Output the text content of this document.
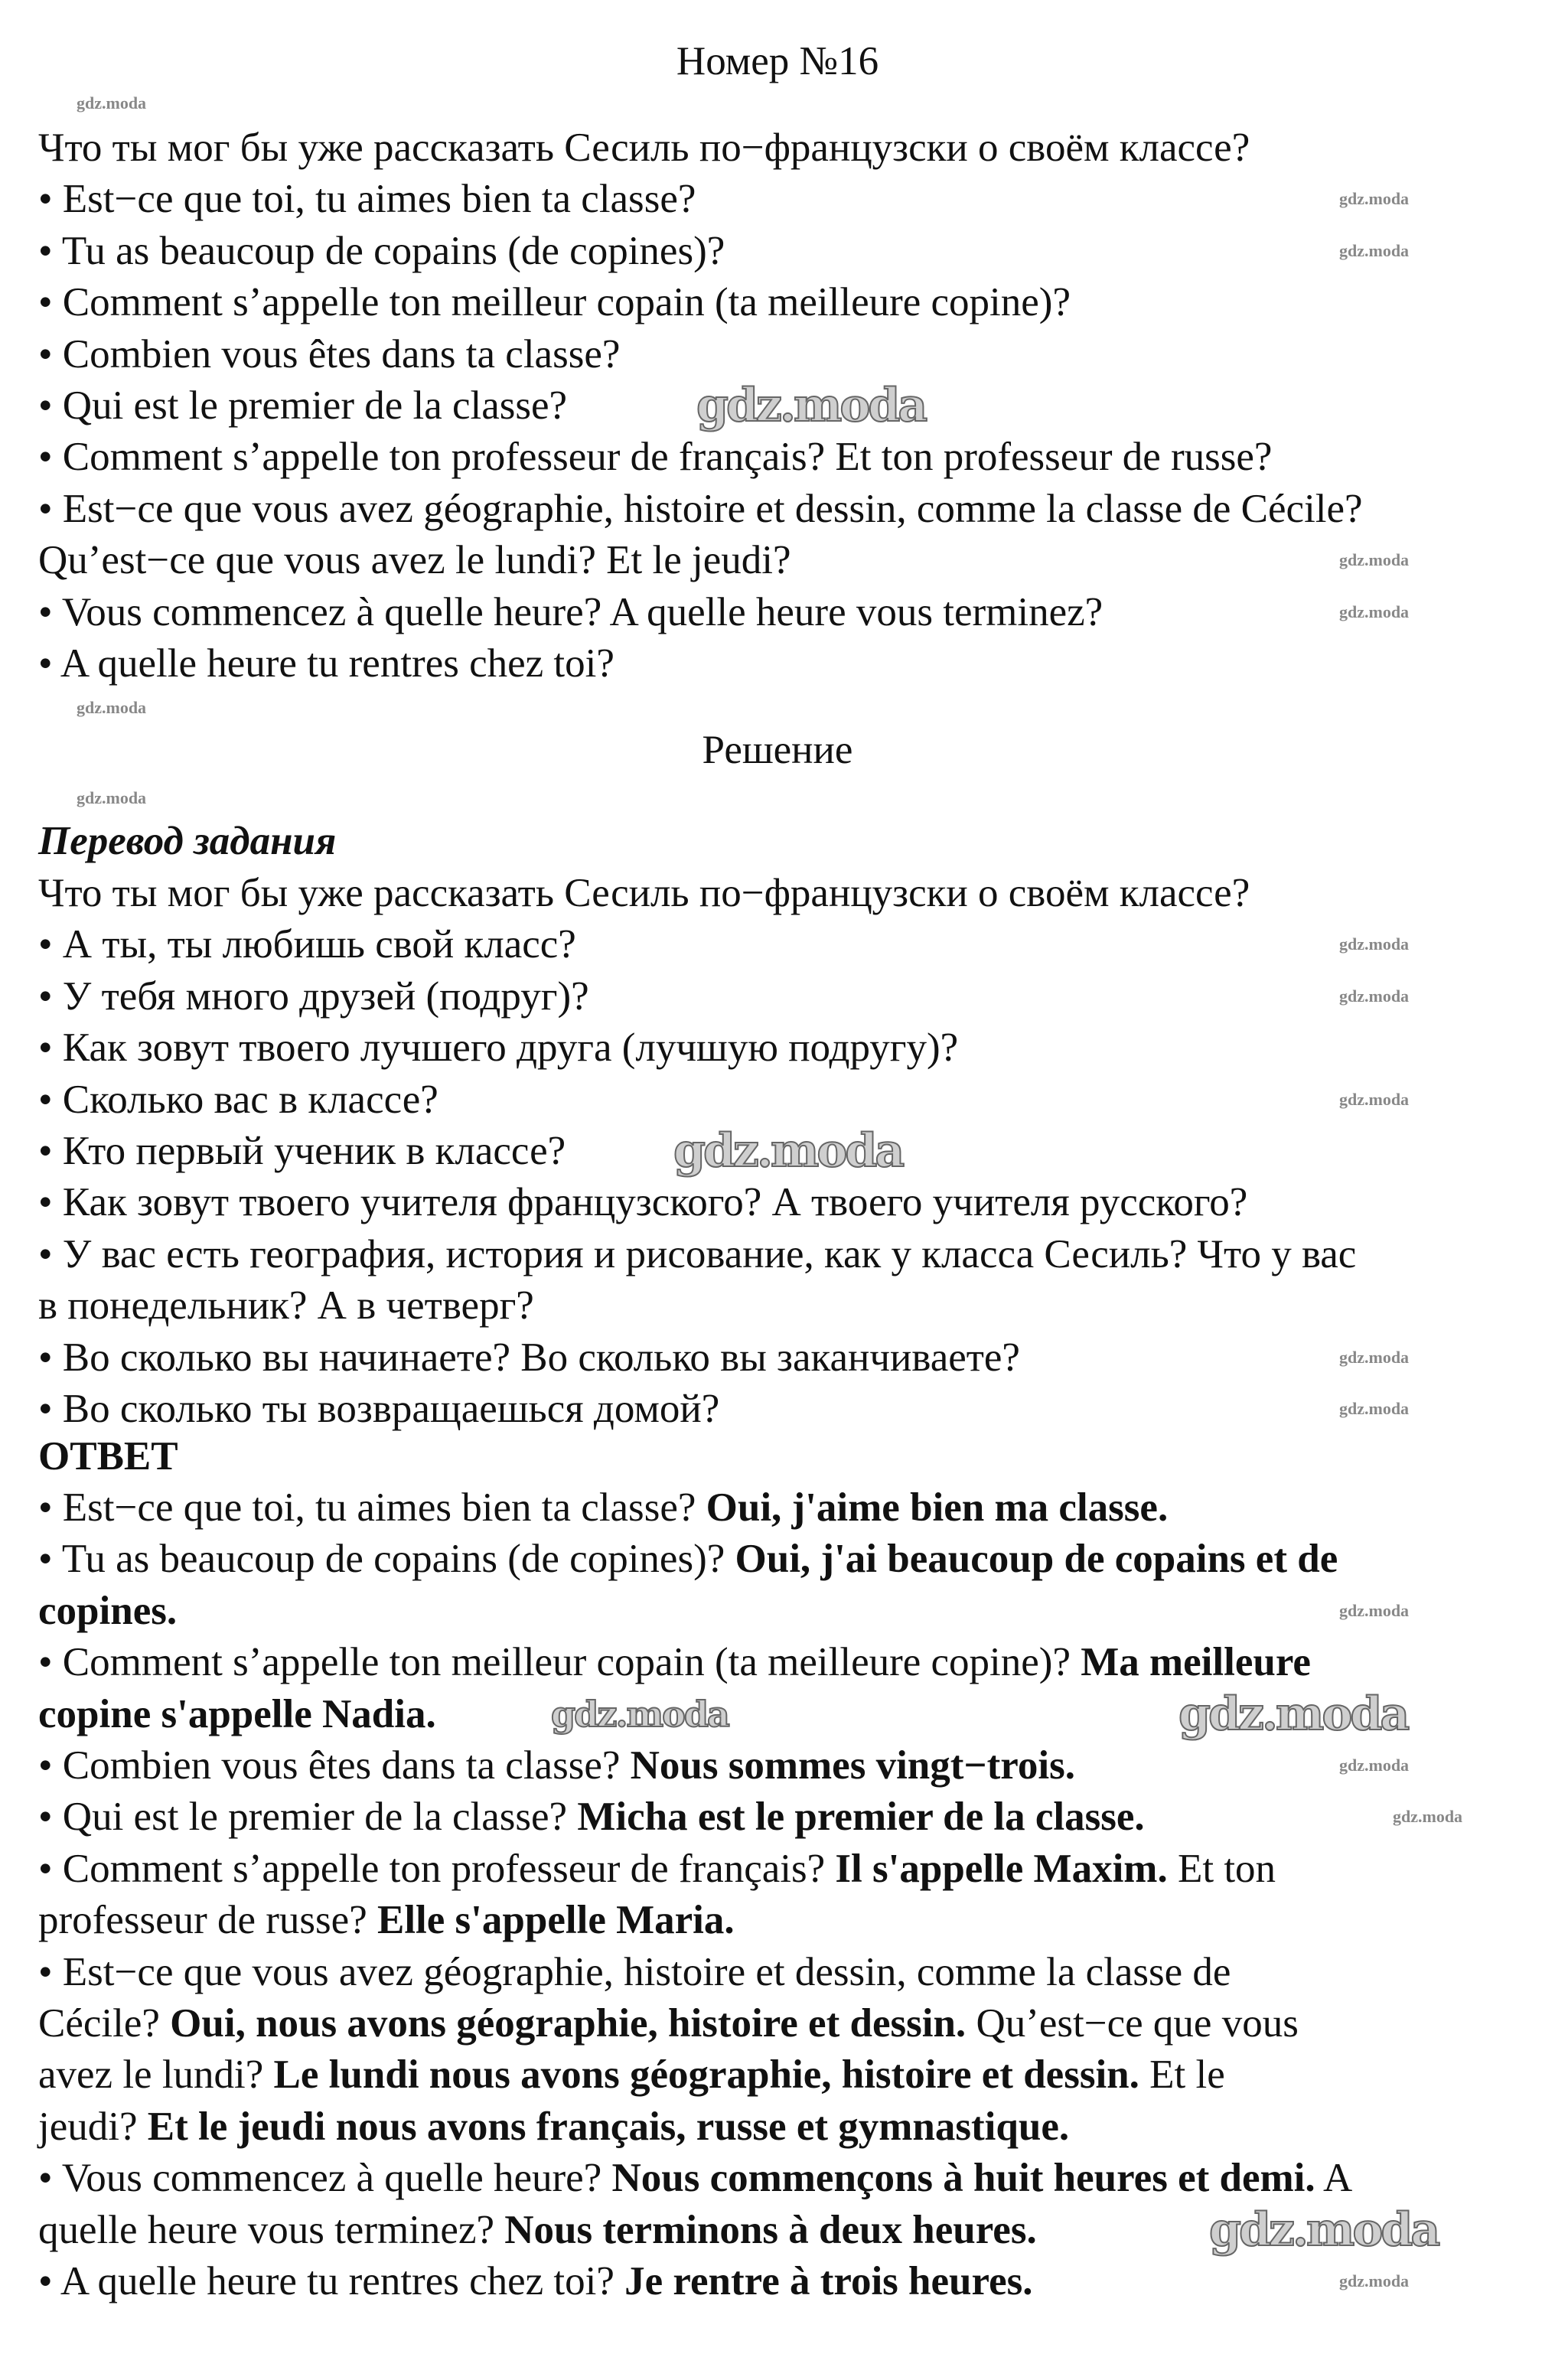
Номер №16
Что ты мог бы уже рассказать Сесиль по−французски о своём классе?
• Est−ce que toi, tu aimes bien ta classe?
• Tu as beaucoup de copains (de copines)?
• Comment s’appelle ton meilleur copain (ta meilleure copine)?
• Combien vous êtes dans ta classe?
• Qui est le premier de la classe?
• Comment s’appelle ton professeur de français? Et ton professeur de russe?
• Est−ce que vous avez géographie, histoire et dessin, comme la classe de Cécile?
Qu’est−ce que vous avez le lundi? Et le jeudi?
• Vous commencez à quelle heure? A quelle heure vous terminez?
• A quelle heure tu rentres chez toi?
Решение
Перевод задания
Что ты мог бы уже рассказать Сесиль по−французски о своём классе?
• А ты, ты любишь свой класс?
• У тебя много друзей (подруг)?
• Как зовут твоего лучшего друга (лучшую подругу)?
• Сколько вас в классе?
• Кто первый ученик в классе?
• Как зовут твоего учителя французского? А твоего учителя русского?
• У вас есть география, история и рисование, как у класса Сесиль? Что у вас
в понедельник? А в четверг?
• Во сколько вы начинаете? Во сколько вы заканчиваете?
• Во сколько ты возвращаешься домой?
ОТВЕТ
• Est−ce que toi, tu aimes bien ta classe? Oui, j'aime bien ma classe.
• Tu as beaucoup de copains (de copines)? Oui, j'ai beaucoup de copains et de
copines.
• Comment s’appelle ton meilleur copain (ta meilleure copine)? Ma meilleure
copine s'appelle Nadia.
• Combien vous êtes dans ta classe? Nous sommes vingt−trois.
• Qui est le premier de la classe? Micha est le premier de la classe.
• Comment s’appelle ton professeur de français? Il s'appelle Maxim. Et ton
professeur de russe? Elle s'appelle Maria.
• Est−ce que vous avez géographie, histoire et dessin, comme la classe de
Cécile? Oui, nous avons géographie, histoire et dessin. Qu’est−ce que vous
avez le lundi? Le lundi nous avons géographie, histoire et dessin. Et le
jeudi? Et le jeudi nous avons français, russe et gymnastique.
• Vous commencez à quelle heure? Nous commençons à huit heures et demi. A
quelle heure vous terminez? Nous terminons à deux heures.
• A quelle heure tu rentres chez toi? Je rentre à trois heures.
gdz.moda
gdz.moda
gdz.moda
gdz.moda
gdz.moda
gdz.moda
gdz.moda
gdz.moda
gdz.moda
gdz.moda
gdz.moda
gdz.moda
gdz.moda
gdz.moda
gdz.moda
gdz.moda
gdz.moda
gdz.moda
gdz.moda
gdz.moda
gdz.moda
